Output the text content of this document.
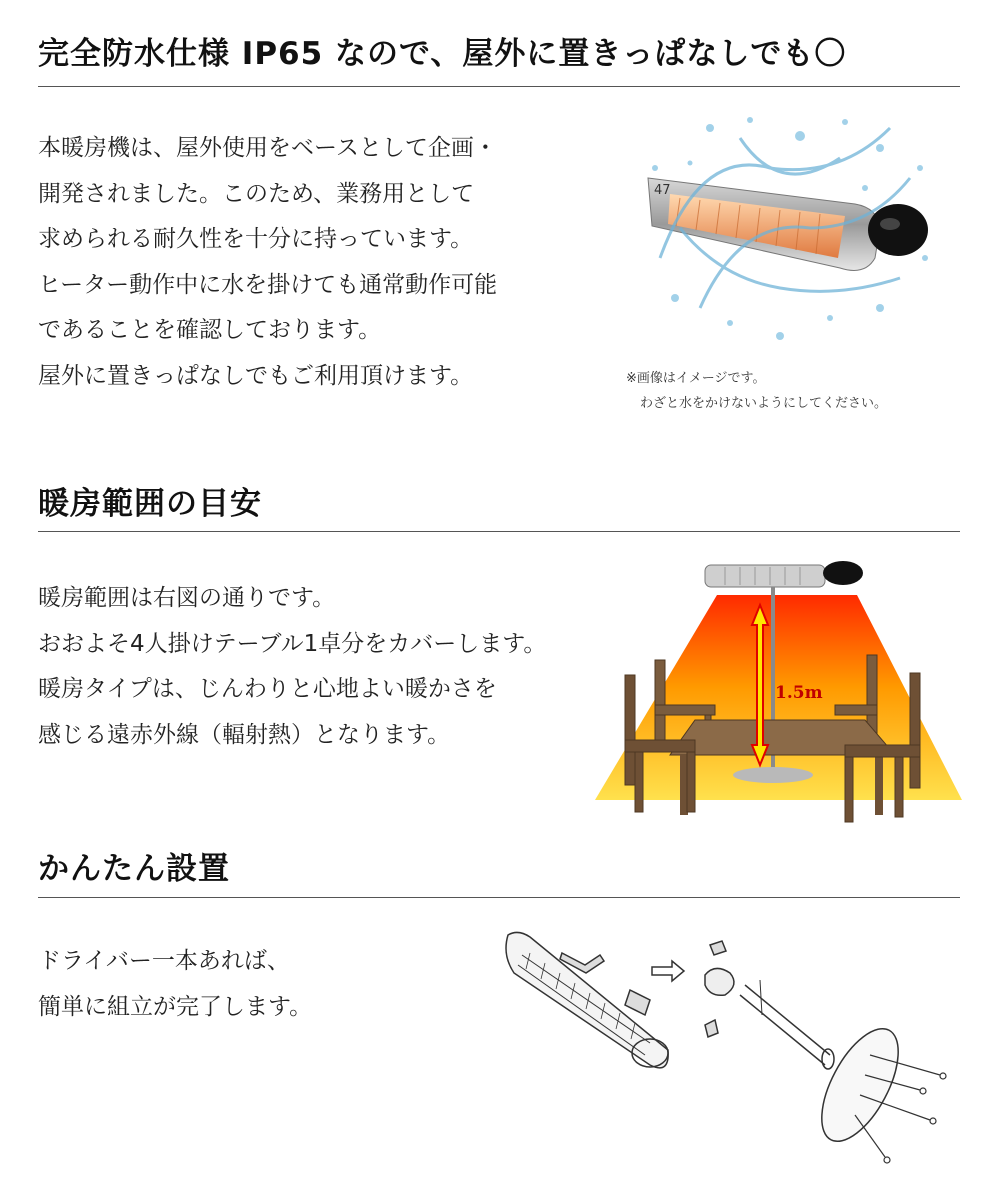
完全防水仕様 IP65 なので、屋外に置きっぱなしでも〇
本暖房機は、屋外使用をベースとして企画・
開発されました。このため、業務用として
求められる耐久性を十分に持っています。
ヒーター動作中に水を掛けても通常動作可能
であることを確認しております。
屋外に置きっぱなしでもご利用頂けます。
47
※画像はイメージです。
わざと水をかけないようにしてください。
暖房範囲の目安
暖房範囲は右図の通りです。
おおよそ4人掛けテーブル1卓分をカバーします。
暖房タイプは、じんわりと心地よい暖かさを
感じる遠赤外線（輻射熱）となります。
1.5m
かんたん設置
ドライバー一本あれば、
簡単に組立が完了します。
